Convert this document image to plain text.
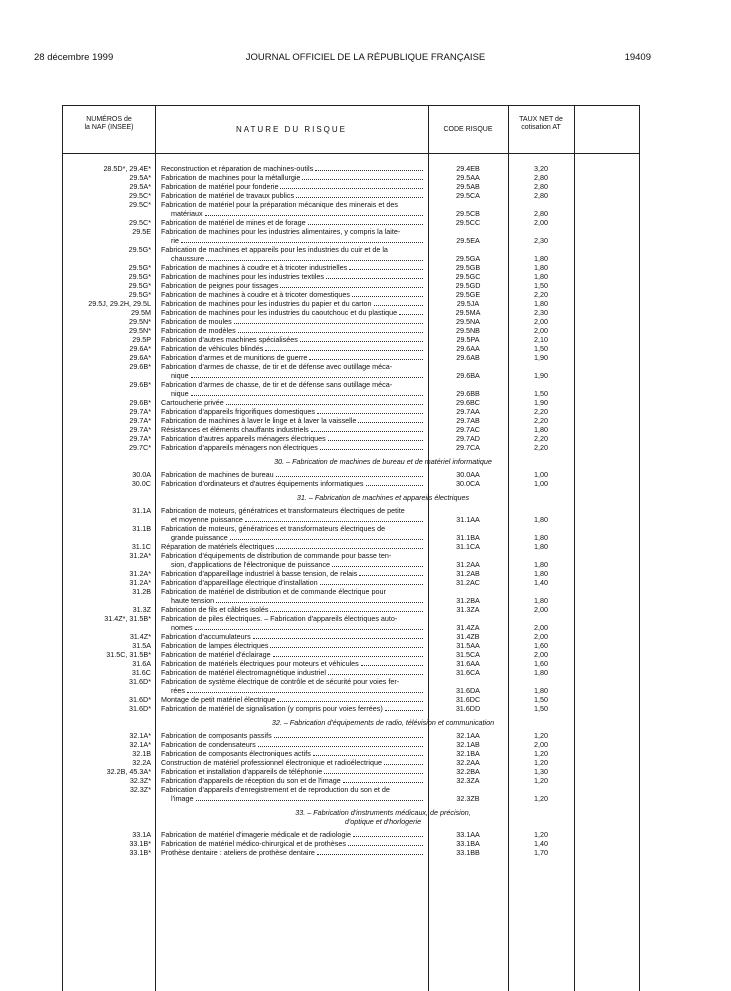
28 décembre 1999	JOURNAL OFFICIEL DE LA RÉPUBLIQUE FRANÇAISE	19409
NUMÉROS de la NAF (INSEE)	NATURE DU RISQUE	CODE RISQUE
TAUX NET de cotisation AT
28.5D*, 29.4E*	Reconstruction et réparation de machines-outils	29.4EB	3,20
29.5A*	Fabrication de machines pour la métallurgie	29.5AA	2,80
29.5A*	Fabrication de matériel pour fonderie	29.5AB	2,80
29.5C*	Fabrication de matériel de travaux publics	29.5CA	2,80
29.5C*	Fabrication de matériel pour la préparation mécanique des minerais et des
matériaux	29.5CB	2,80
29.5C*	Fabrication de matériel de mines et de forage	29.5CC	2,00
29.5E	Fabrication de machines pour les industries alimentaires, y compris la laite-
rie	29.5EA	2,30
29.5G*	Fabrication de machines et appareils pour les industries du cuir et de la
chaussure	29.5GA	1,80
29.5G*	Fabrication de machines à coudre et à tricoter industrielles	29.5GB	1,80
29.5G*	Fabrication de machines pour les industries textiles	29.5GC	1,80
29.5G*	Fabrication de peignes pour tissages	29.5GD	1,50
29.5G*	Fabrication de machines à coudre et à tricoter domestiques	29.5GE	2,20
29.5J, 29.2H, 29.5L	Fabrication de machines pour les industries du papier et du carton	29.5JA	1,80
29.5M	Fabrication de machines pour les industries du caoutchouc et du plastique	29.5MA	2,30
29.5N*	Fabrication de moules	29.5NA	2,00
29.5N*	Fabrication de modèles	29.5NB	2,00
29.5P	Fabrication d'autres machines spécialisées	29.5PA	2,10
29.6A*	Fabrication de véhicules blindés	29.6AA	1,50
29.6A*	Fabrication d'armes et de munitions de guerre	29.6AB	1,90
29.6B*	Fabrication d'armes de chasse, de tir et de défense avec outillage méca-
nique	29.6BA	1,90
29.6B*	Fabrication d'armes de chasse, de tir et de défense sans outillage méca-
nique	29.6BB	1,50
29.6B*	Cartoucherie privée	29.6BC	1,90
29.7A*	Fabrication d'appareils frigorifiques domestiques	29.7AA	2,20
29.7A*	Fabrication de machines à laver le linge et à laver la vaisselle	29.7AB	2,20
29.7A*	Résistances et éléments chauffants industriels	29.7AC	1,80
29.7A*	Fabrication d'autres appareils ménagers électriques	29.7AD	2,20
29.7C*	Fabrication d'appareils ménagers non électriques	29.7CA	2,20
30. – Fabrication de machines de bureau et de matériel informatique
30.0A	Fabrication de machines de bureau	30.0AA	1,00
30.0C	Fabrication d'ordinateurs et d'autres équipements informatiques	30.0CA	1,00
31. – Fabrication de machines et appareils électriques
31.1A	Fabrication de moteurs, génératrices et transformateurs électriques de petite
et moyenne puissance	31.1AA	1,80
31.1B	Fabrication de moteurs, génératrices et transformateurs électriques de
grande puissance	31.1BA	1,80
31.1C	Réparation de matériels électriques	31.1CA	1,80
31.2A*	Fabrication d'équipements de distribution de commande pour basse ten-
sion, d'applications de l'électronique de puissance	31.2AA	1,80
31.2A*	Fabrication d'appareillage industriel à basse tension, de relais	31.2AB	1,80
31.2A*	Fabrication d'appareillage électrique d'installation	31.2AC	1,40
31.2B	Fabrication de matériel de distribution et de commande électrique pour
haute tension	31.2BA	1,80
31.3Z	Fabrication de fils et câbles isolés	31.3ZA	2,00
31.4Z*, 31.5B*	Fabrication de piles électriques. – Fabrication d'appareils électriques auto-
nomes	31.4ZA	2,00
31.4Z*	Fabrication d'accumulateurs	31.4ZB	2,00
31.5A	Fabrication de lampes électriques	31.5AA	1,60
31.5C, 31.5B*	Fabrication de matériel d'éclairage	31.5CA	2,00
31.6A	Fabrication de matériels électriques pour moteurs et véhicules	31.6AA	1,60
31.6C	Fabrication de matériel électromagnétique industriel	31.6CA	1,80
31.6D*	Fabrication de système électrique de contrôle et de sécurité pour voies fer-
rées	31.6DA	1,80
31.6D*	Montage de petit matériel électrique	31.6DC	1,50
31.6D*	Fabrication de matériel de signalisation (y compris pour voies ferrées)	31.6DD	1,50
32. – Fabrication d'équipements de radio, télévision et communication
32.1A*	Fabrication de composants passifs	32.1AA	1,20
32.1A*	Fabrication de condensateurs	32.1AB	2,00
32.1B	Fabrication de composants électroniques actifs	32.1BA	1,20
32.2A	Construction de matériel professionnel électronique et radioélectrique	32.2AA	1,20
32.2B, 45.3A*	Fabrication et installation d'appareils de téléphonie	32.2BA	1,30
32.3Z*	Fabrication d'appareils de réception du son et de l'image	32.3ZA	1,20
32.3Z*	Fabrication d'appareils d'enregistrement et de reproduction du son et de
l'image	32.3ZB	1,20
33. – Fabrication d'instruments médicaux, de précision,
d'optique et d'horlogerie
33.1A	Fabrication de matériel d'imagerie médicale et de radiologie	33.1AA	1,20
33.1B*	Fabrication de matériel médico-chirurgical et de prothèses	33.1BA	1,40
33.1B*	Prothèse dentaire : ateliers de prothèse dentaire	33.1BB	1,70
